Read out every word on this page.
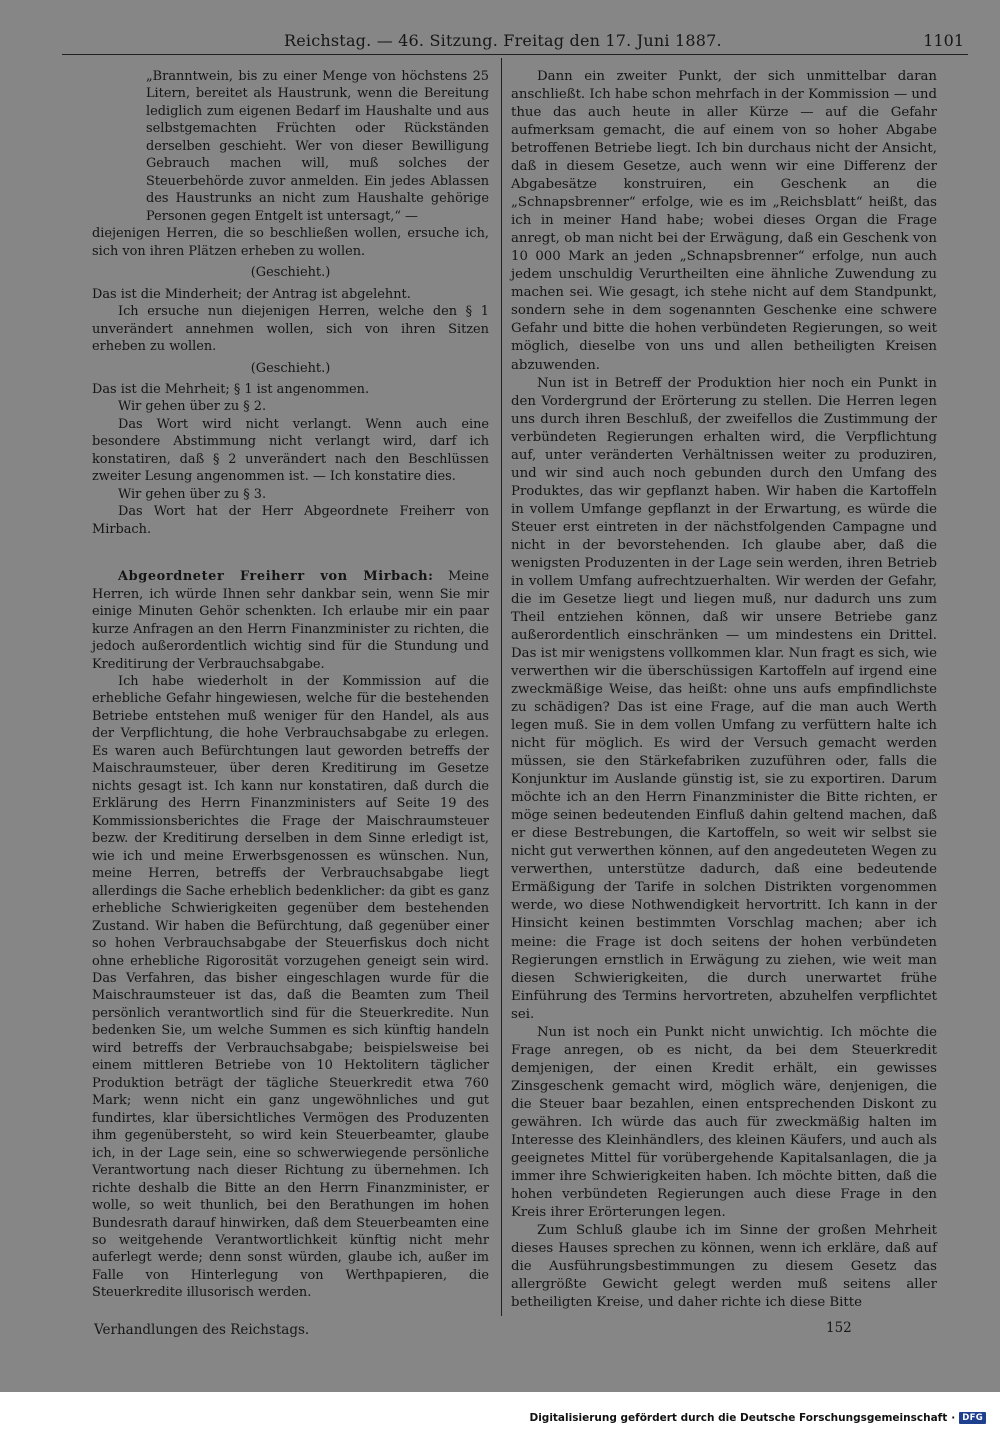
Reichstag. — 46. Sitzung. Freitag den 17. Juni 1887.	1101

„Branntwein, bis zu einer Menge von höchstens 25 Litern, bereitet als Haustrunk, wenn die Bereitung lediglich zum eigenen Bedarf im Haushalte und aus selbstgemachten Früchten oder Rückständen derselben geschieht. Wer von dieser Bewilligung Gebrauch machen will, muß solches der Steuerbehörde zuvor anmelden. Ein jedes Ablassen des Haustrunks an nicht zum Haushalte gehörige Personen gegen Entgelt ist untersagt,“ —

diejenigen Herren, die so beschließen wollen, ersuche ich, sich von ihren Plätzen erheben zu wollen.

(Geschieht.)

Das ist die Minderheit; der Antrag ist abgelehnt.

Ich ersuche nun diejenigen Herren, welche den § 1 unverändert annehmen wollen, sich von ihren Sitzen erheben zu wollen.

(Geschieht.)

Das ist die Mehrheit; § 1 ist angenommen.

Wir gehen über zu § 2.

Das Wort wird nicht verlangt. Wenn auch eine besondere Abstimmung nicht verlangt wird, darf ich konstatiren, daß § 2 unverändert nach den Beschlüssen zweiter Lesung angenommen ist. — Ich konstatire dies.

Wir gehen über zu § 3.

Das Wort hat der Herr Abgeordnete Freiherr von Mirbach.

Abgeordneter Freiherr von Mirbach: Meine Herren, ich würde Ihnen sehr dankbar sein, wenn Sie mir einige Minuten Gehör schenkten. Ich erlaube mir ein paar kurze Anfragen an den Herrn Finanzminister zu richten, die jedoch außerordentlich wichtig sind für die Stundung und Kreditirung der Verbrauchsabgabe.

Ich habe wiederholt in der Kommission auf die erhebliche Gefahr hingewiesen, welche für die bestehenden Betriebe entstehen muß weniger für den Handel, als aus der Verpflichtung, die hohe Verbrauchsabgabe zu erlegen. Es waren auch Befürchtungen laut geworden betreffs der Maischraumsteuer, über deren Kreditirung im Gesetze nichts gesagt ist. Ich kann nur konstatiren, daß durch die Erklärung des Herrn Finanzministers auf Seite 19 des Kommissionsberichtes die Frage der Maischraumsteuer bezw. der Kreditirung derselben in dem Sinne erledigt ist, wie ich und meine Erwerbsgenossen es wünschen. Nun, meine Herren, betreffs der Verbrauchsabgabe liegt allerdings die Sache erheblich bedenklicher: da gibt es ganz erhebliche Schwierigkeiten gegenüber dem bestehenden Zustand. Wir haben die Befürchtung, daß gegenüber einer so hohen Verbrauchsabgabe der Steuerfiskus doch nicht ohne erhebliche Rigorosität vorzugehen geneigt sein wird. Das Verfahren, das bisher eingeschlagen wurde für die Maischraumsteuer ist das, daß die Beamten zum Theil persönlich verantwortlich sind für die Steuerkredite. Nun bedenken Sie, um welche Summen es sich künftig handeln wird betreffs der Verbrauchsabgabe; beispielsweise bei einem mittleren Betriebe von 10 Hektolitern täglicher Produktion beträgt der tägliche Steuerkredit etwa 760 Mark; wenn nicht ein ganz ungewöhnliches und gut fundirtes, klar übersichtliches Vermögen des Produzenten ihm gegenübersteht, so wird kein Steuerbeamter, glaube ich, in der Lage sein, eine so schwerwiegende persönliche Verantwortung nach dieser Richtung zu übernehmen. Ich richte deshalb die Bitte an den Herrn Finanzminister, er wolle, so weit thunlich, bei den Berathungen im hohen Bundesrath darauf hinwirken, daß dem Steuerbeamten eine so weitgehende Verantwortlichkeit künftig nicht mehr auferlegt werde; denn sonst würden, glaube ich, außer im Falle von Hinterlegung von Werthpapieren, die Steuerkredite illusorisch werden.

Dann ein zweiter Punkt, der sich unmittelbar daran anschließt. Ich habe schon mehrfach in der Kommission — und thue das auch heute in aller Kürze — auf die Gefahr aufmerksam gemacht, die auf einem von so hoher Abgabe betroffenen Betriebe liegt. Ich bin durchaus nicht der Ansicht, daß in diesem Gesetze, auch wenn wir eine Differenz der Abgabesätze konstruiren, ein Geschenk an die „Schnapsbrenner“ erfolge, wie es im „Reichsblatt“ heißt, das ich in meiner Hand habe; wobei dieses Organ die Frage anregt, ob man nicht bei der Erwägung, daß ein Geschenk von 10 000 Mark an jeden „Schnapsbrenner“ erfolge, nun auch jedem unschuldig Verurtheilten eine ähnliche Zuwendung zu machen sei. Wie gesagt, ich stehe nicht auf dem Standpunkt, sondern sehe in dem sogenannten Geschenke eine schwere Gefahr und bitte die hohen verbündeten Regierungen, so weit möglich, dieselbe von uns und allen betheiligten Kreisen abzuwenden.

Nun ist in Betreff der Produktion hier noch ein Punkt in den Vordergrund der Erörterung zu stellen. Die Herren legen uns durch ihren Beschluß, der zweifellos die Zustimmung der verbündeten Regierungen erhalten wird, die Verpflichtung auf, unter veränderten Verhältnissen weiter zu produziren, und wir sind auch noch gebunden durch den Umfang des Produktes, das wir gepflanzt haben. Wir haben die Kartoffeln in vollem Umfange gepflanzt in der Erwartung, es würde die Steuer erst eintreten in der nächstfolgenden Campagne und nicht in der bevorstehenden. Ich glaube aber, daß die wenigsten Produzenten in der Lage sein werden, ihren Betrieb in vollem Umfang aufrechtzuerhalten. Wir werden der Gefahr, die im Gesetze liegt und liegen muß, nur dadurch uns zum Theil entziehen können, daß wir unsere Betriebe ganz außerordentlich einschränken — um mindestens ein Drittel. Das ist mir wenigstens vollkommen klar. Nun fragt es sich, wie verwerthen wir die überschüssigen Kartoffeln auf irgend eine zweckmäßige Weise, das heißt: ohne uns aufs empfindlichste zu schädigen? Das ist eine Frage, auf die man auch Werth legen muß. Sie in dem vollen Umfang zu verfüttern halte ich nicht für möglich. Es wird der Versuch gemacht werden müssen, sie den Stärkefabriken zuzuführen oder, falls die Konjunktur im Auslande günstig ist, sie zu exportiren. Darum möchte ich an den Herrn Finanzminister die Bitte richten, er möge seinen bedeutenden Einfluß dahin geltend machen, daß er diese Bestrebungen, die Kartoffeln, so weit wir selbst sie nicht gut verwerthen können, auf den angedeuteten Wegen zu verwerthen, unterstütze dadurch, daß eine bedeutende Ermäßigung der Tarife in solchen Distrikten vorgenommen werde, wo diese Nothwendigkeit hervortritt. Ich kann in der Hinsicht keinen bestimmten Vorschlag machen; aber ich meine: die Frage ist doch seitens der hohen verbündeten Regierungen ernstlich in Erwägung zu ziehen, wie weit man diesen Schwierigkeiten, die durch unerwartet frühe Einführung des Termins hervortreten, abzuhelfen verpflichtet sei.

Nun ist noch ein Punkt nicht unwichtig. Ich möchte die Frage anregen, ob es nicht, da bei dem Steuerkredit demjenigen, der einen Kredit erhält, ein gewisses Zinsgeschenk gemacht wird, möglich wäre, denjenigen, die die Steuer baar bezahlen, einen entsprechenden Diskont zu gewähren. Ich würde das auch für zweckmäßig halten im Interesse des Kleinhändlers, des kleinen Käufers, und auch als geeignetes Mittel für vorübergehende Kapitalsanlagen, die ja immer ihre Schwierigkeiten haben. Ich möchte bitten, daß die hohen verbündeten Regierungen auch diese Frage in den Kreis ihrer Erörterungen legen.

Zum Schluß glaube ich im Sinne der großen Mehrheit dieses Hauses sprechen zu können, wenn ich erkläre, daß auf die Ausführungsbestimmungen zu diesem Gesetz das allergrößte Gewicht gelegt werden muß seitens aller betheiligten Kreise, und daher richte ich diese Bitte

Verhandlungen des Reichstags.	152
Digitalisierung gefördert durch die Deutsche Forschungsgemeinschaft · DFG
